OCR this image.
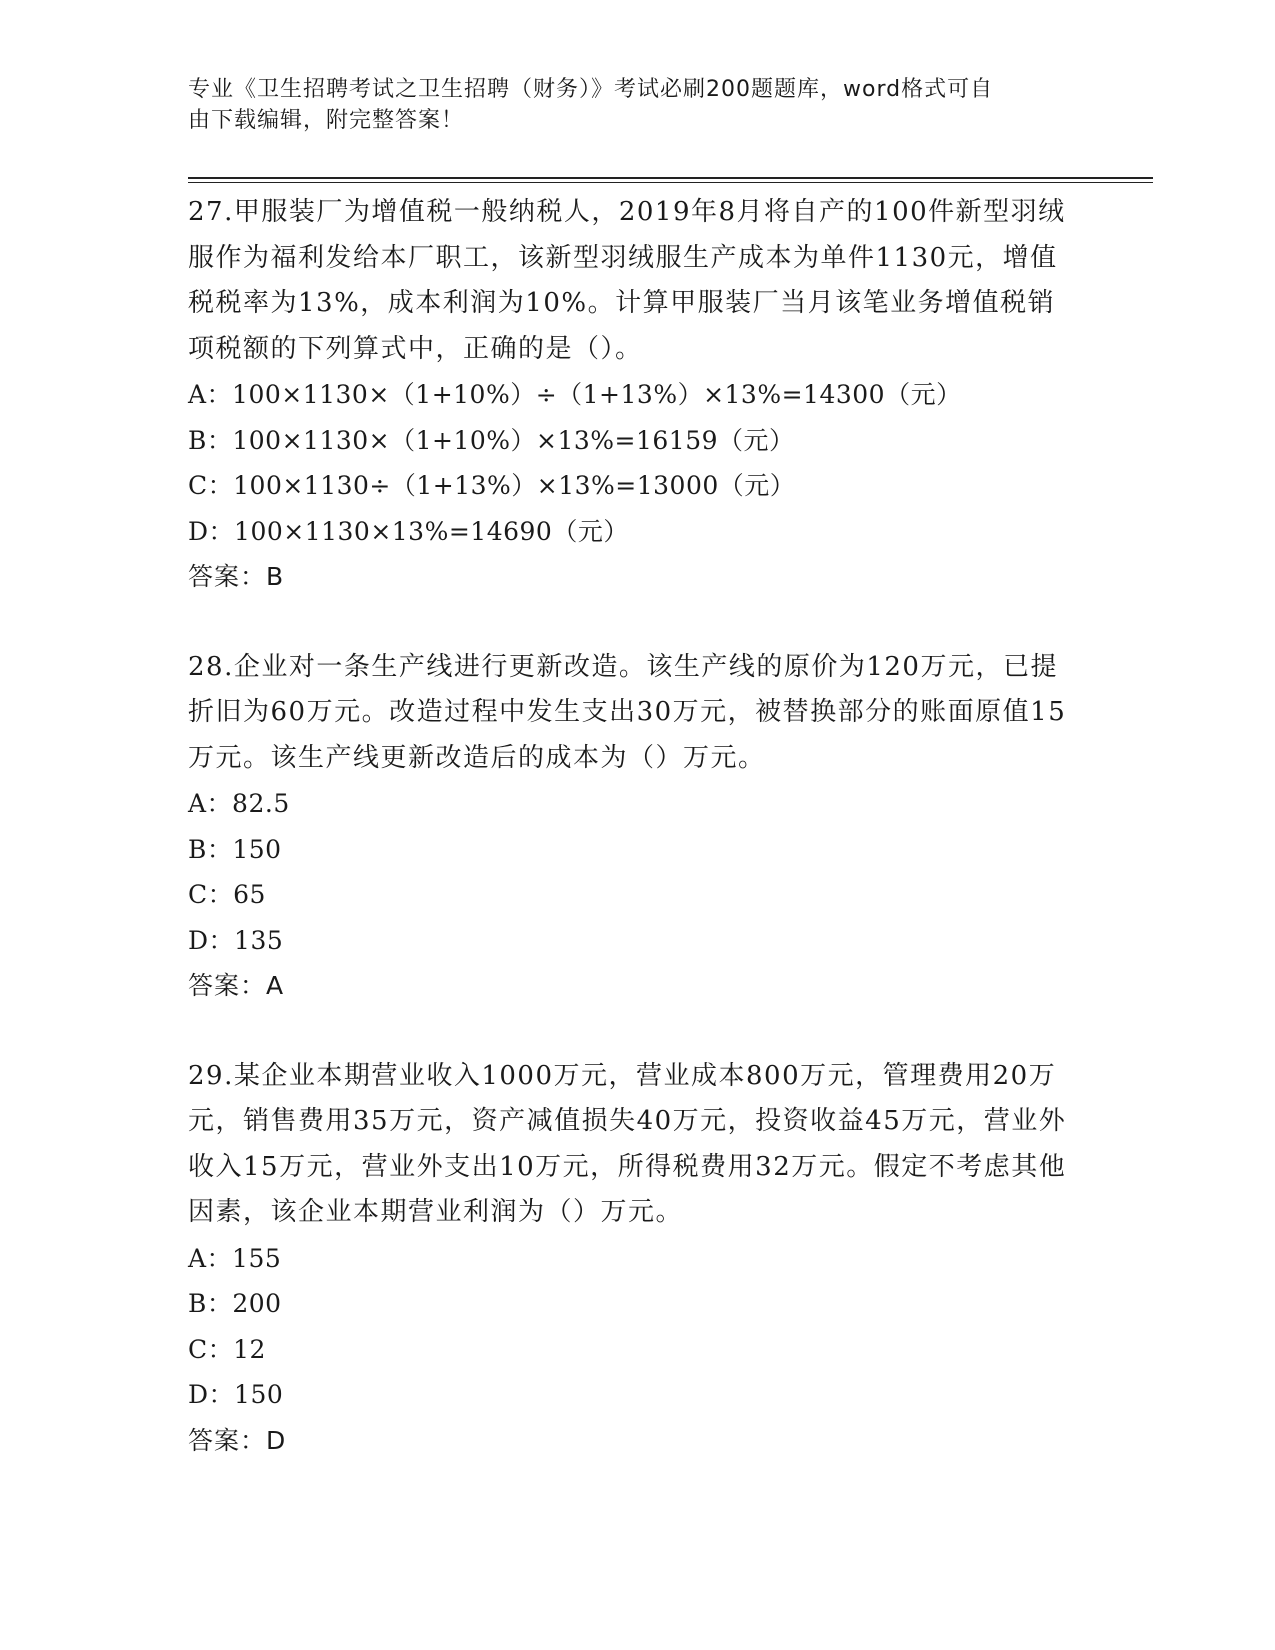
专业《卫生招聘考试之卫生招聘（财务）》考试必刷200题题库，word格式可自
由下载编辑，附完整答案！

27.甲服装厂为增值税一般纳税人，2019年8月将自产的100件新型羽绒服作为福利发给本厂职工，该新型羽绒服生产成本为单件1130元，增值税税率为13%，成本利润为10%。计算甲服装厂当月该笔业务增值税销项税额的下列算式中，正确的是（）。

A：100×1130×（1+10%）÷（1+13%）×13%=14300（元）

B：100×1130×（1+10%）×13%=16159（元）

C：100×1130÷（1+13%）×13%=13000（元）

D：100×1130×13%=14690（元）

答案：B

28.企业对一条生产线进行更新改造。该生产线的原价为120万元，已提折旧为60万元。改造过程中发生支出30万元，被替换部分的账面原值15万元。该生产线更新改造后的成本为（）万元。

A：82.5

B：150

C：65

D：135

答案：A

29.某企业本期营业收入1000万元，营业成本800万元，管理费用20万元，销售费用35万元，资产减值损失40万元，投资收益45万元，营业外收入15万元，营业外支出10万元，所得税费用32万元。假定不考虑其他因素，该企业本期营业利润为（）万元。

A：155

B：200

C：12

D：150

答案：D
